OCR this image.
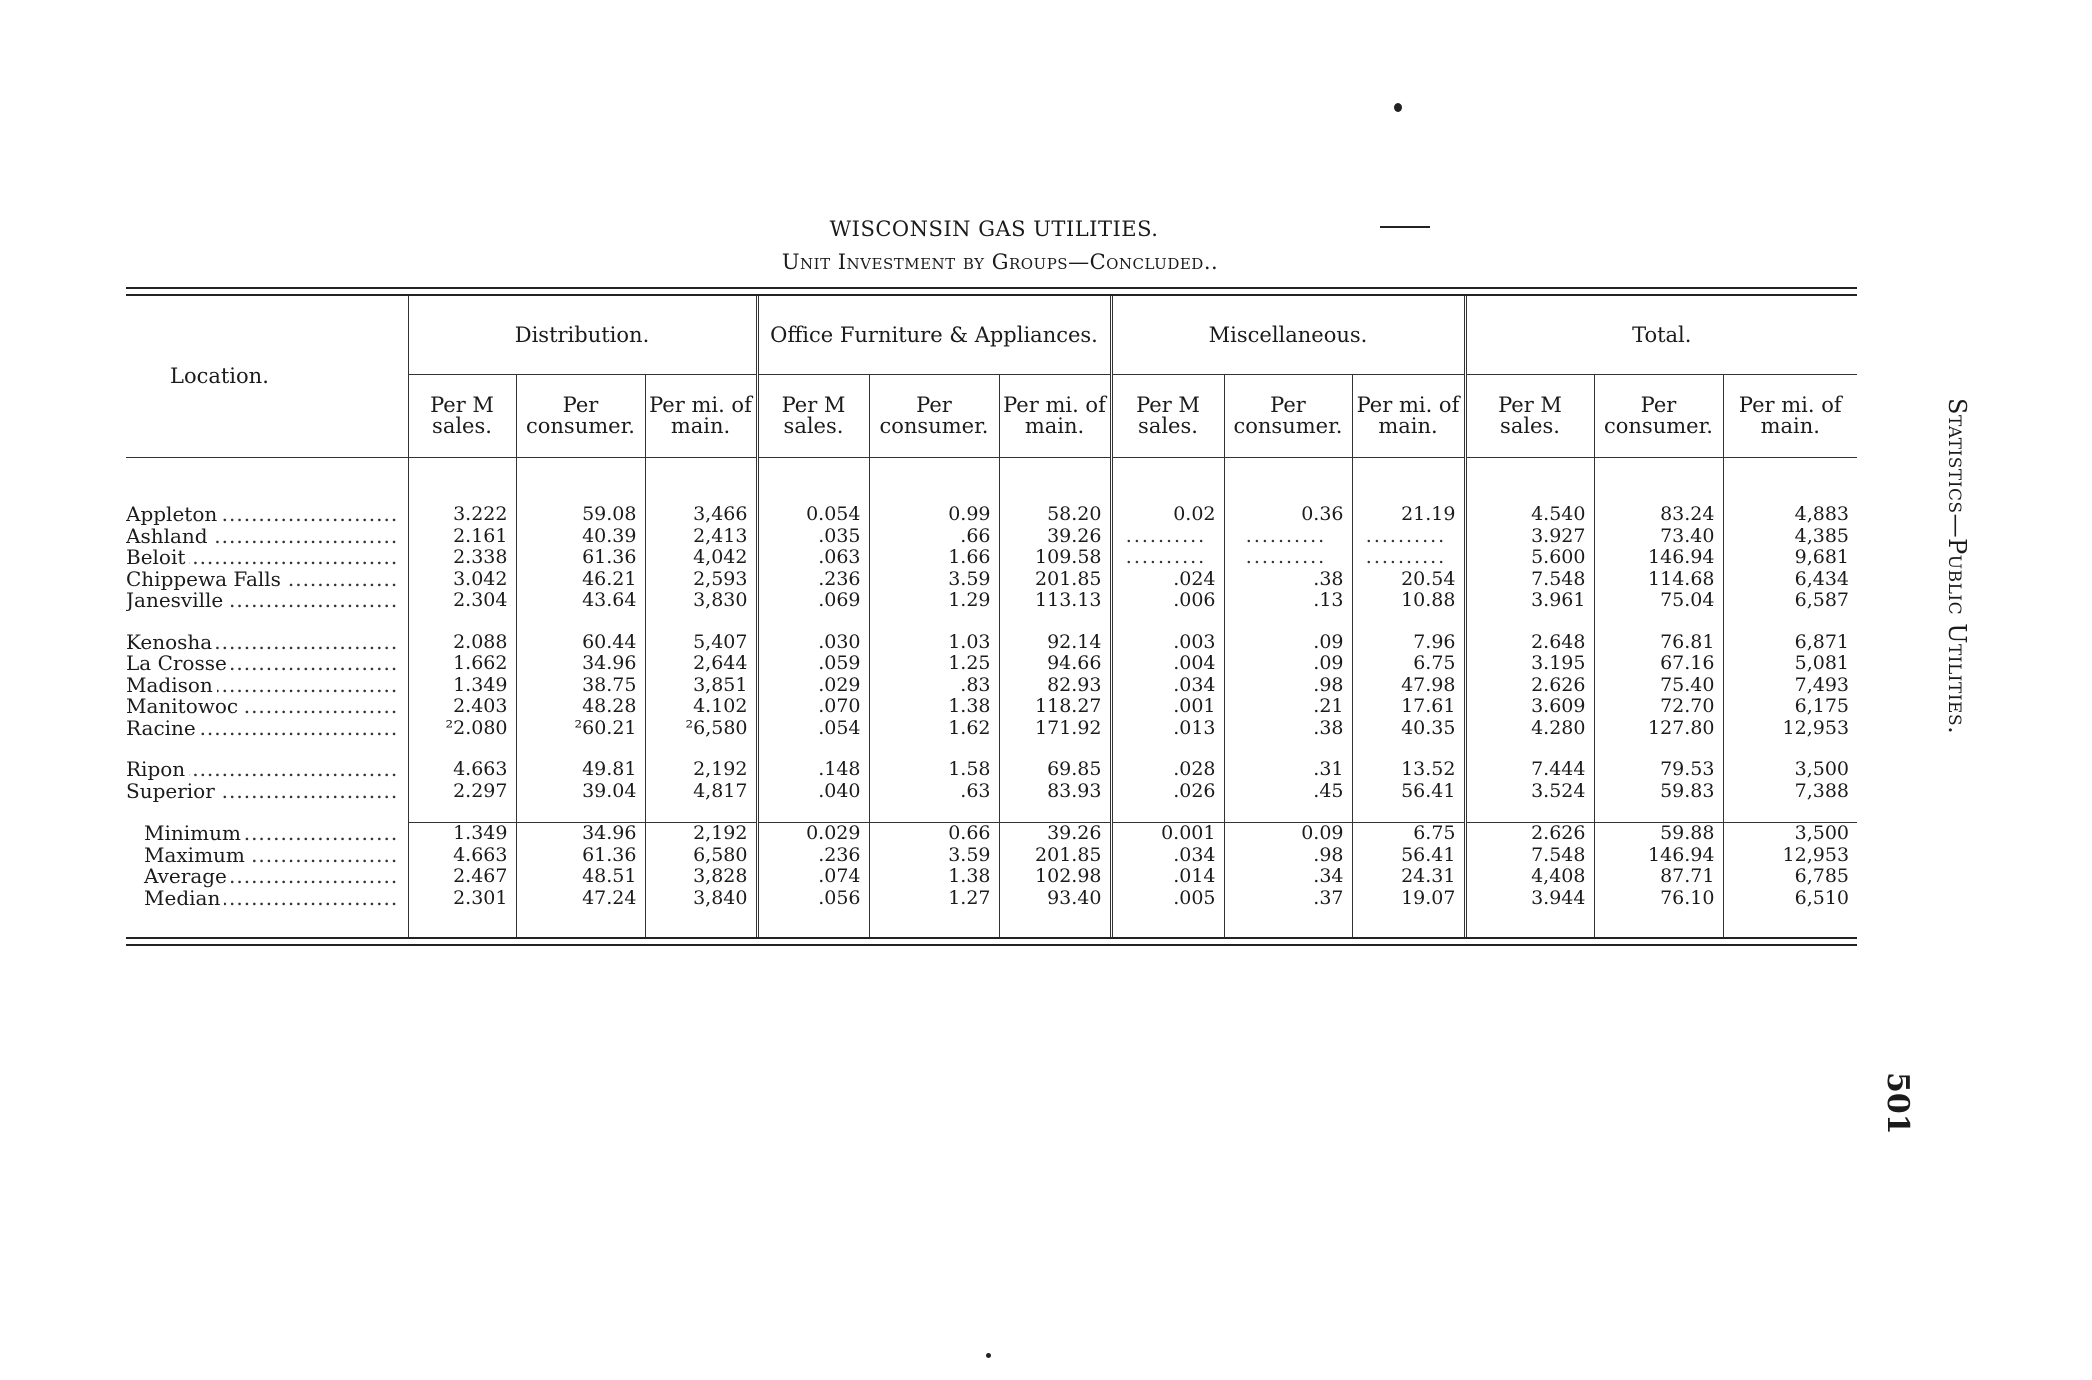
WISCONSIN GAS UTILITIES.
Unit Investment by Groups—Concluded..
Location.	Distribution.			Office Furniture & Appliances.			Miscellaneous.			Total.		
	Per M sales.	Per consumer.	Per mi. of main.	Per M sales.	Per consumer.	Per mi. of main.	Per M sales.	Per consumer.	Per mi. of main.	Per M sales.	Per consumer.	Per mi. of main.

Appleton .....	3.222	59.08	3,466	0.054	0.99	58.20	0.02	0.36	21.19	4.540	83.24	4,883

Ashland .....	2.161	40.39	2,413	.035	.66	39.26	..........	..........	..........	3.927	73.40	4,385

Beloit .....	2.338	61.36	4,042	.063	1.66	109.58	..........	..........	..........	5.600	146.94	9,681

Chippewa Falls .....	3.042	46.21	2,593	.236	3.59	201.85	.024	.38	20.54	7.548	114.68	6,434

Janesville .....	2.304	43.64	3,830	.069	1.29	113.13	.006	.13	10.88	3.961	75.04	6,587

Kenosha .....	2.088	60.44	5,407	.030	1.03	92.14	.003	.09	7.96	2.648	76.81	6,871

La Crosse .....	1.662	34.96	2,644	.059	1.25	94.66	.004	.09	6.75	3.195	67.16	5,081

Madison .....	1.349	38.75	3,851	.029	.83	82.93	.034	.98	47.98	2.626	75.40	7,493

Manitowoc .....	2.403	48.28	4.102	.070	1.38	118.27	.001	.21	17.61	3.609	72.70	6,175

Racine .....	²2.080	²60.21	²6,580	.054	1.62	171.92	.013	.38	40.35	4.280	127.80	12,953

Ripon .....	4.663	49.81	2,192	.148	1.58	69.85	.028	.31	13.52	7.444	79.53	3,500

Superior .....	2.297	39.04	4,817	.040	.63	83.93	.026	.45	56.41	3.524	59.83	7,388

Minimum .....	1.349	34.96	2,192	0.029	0.66	39.26	0.001	0.09	6.75	2.626	59.88	3,500

Maximum .....	4.663	61.36	6,580	.236	3.59	201.85	.034	.98	56.41	7.548	146.94	12,953

Average .....	2.467	48.51	3,828	.074	1.38	102.98	.014	.34	24.31	4,408	87.71	6,785

Median .....	2.301	47.24	3,840	.056	1.27	93.40	.005	.37	19.07	3.944	76.10	6,510

Statistics—Public Utilities.
501
